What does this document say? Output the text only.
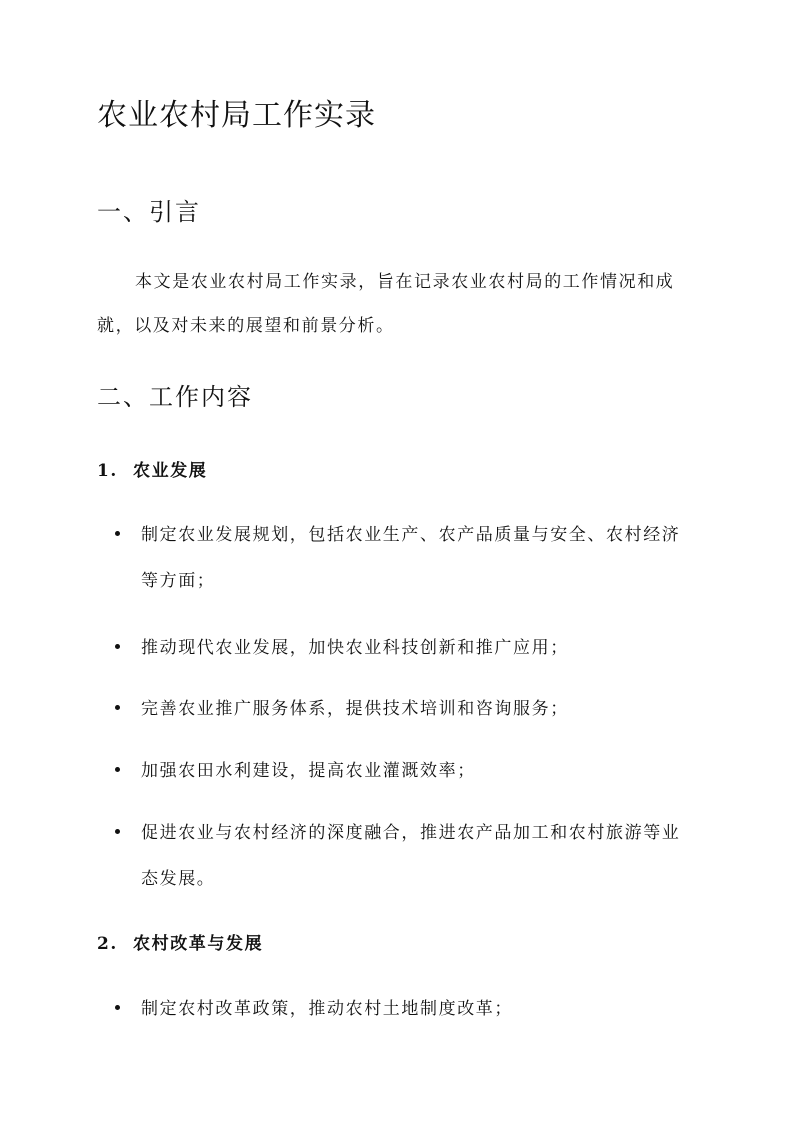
农业农村局工作实录
一、引言

本文是农业农村局工作实录，旨在记录农业农村局的工作情况和成就，以及对未来的展望和前景分析。

二、工作内容
1. 农业发展
制定农业发展规划，包括农业生产、农产品质量与安全、农村经济等方面；
推动现代农业发展，加快农业科技创新和推广应用；
完善农业推广服务体系，提供技术培训和咨询服务；
加强农田水利建设，提高农业灌溉效率；
促进农业与农村经济的深度融合，推进农产品加工和农村旅游等业态发展。
2. 农村改革与发展
制定农村改革政策，推动农村土地制度改革；
